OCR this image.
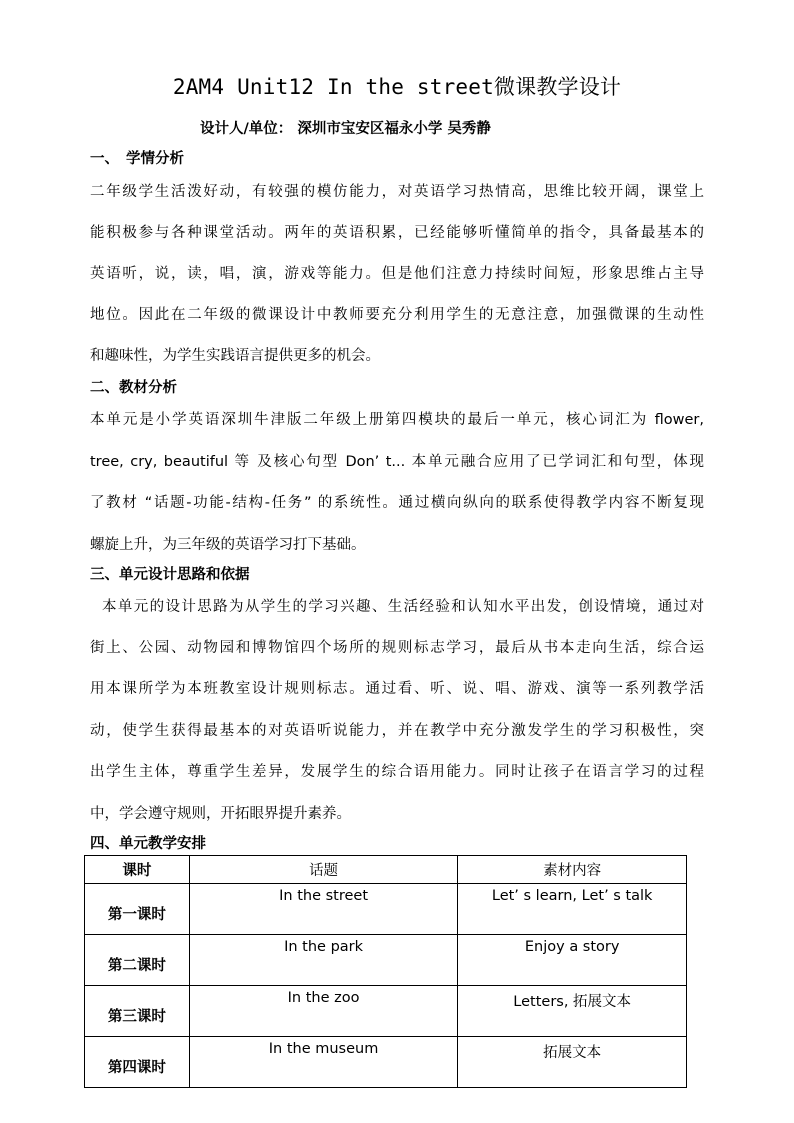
2AM4 Unit12 In the street微课教学设计
设计人/单位： 深圳市宝安区福永小学 吴秀静
一、 学情分析
二年级学生活泼好动，有较强的模仿能力，对英语学习热情高，思维比较开阔，课堂上
能积极参与各种课堂活动。两年的英语积累，已经能够听懂简单的指令，具备最基本的
英语听，说，读，唱，演，游戏等能力。但是他们注意力持续时间短，形象思维占主导
地位。因此在二年级的微课设计中教师要充分利用学生的无意注意，加强微课的生动性
和趣味性，为学生实践语言提供更多的机会。
二、教材分析
本单元是小学英语深圳牛津版二年级上册第四模块的最后一单元，核心词汇为 flower,
tree, cry, beautiful 等 及核心句型 Don’ t... 本单元融合应用了已学词汇和句型，体现
了教材 “话题-功能-结构-任务” 的系统性。通过横向纵向的联系使得教学内容不断复现
螺旋上升，为三年级的英语学习打下基础。
三、单元设计思路和依据
本单元的设计思路为从学生的学习兴趣、生活经验和认知水平出发，创设情境，通过对
街上、公园、动物园和博物馆四个场所的规则标志学习，最后从书本走向生活，综合运
用本课所学为本班教室设计规则标志。通过看、听、说、唱、游戏、演等一系列教学活
动，使学生获得最基本的对英语听说能力，并在教学中充分激发学生的学习积极性，突
出学生主体，尊重学生差异，发展学生的综合语用能力。同时让孩子在语言学习的过程
中，学会遵守规则，开拓眼界提升素养。
四、单元教学安排
课时	话题	素材内容
第一课时	In the street	Let’ s learn, Let’ s talk
第二课时	In the park	Enjoy a story
第三课时	In the zoo	Letters, 拓展文本
第四课时	In the museum	拓展文本
